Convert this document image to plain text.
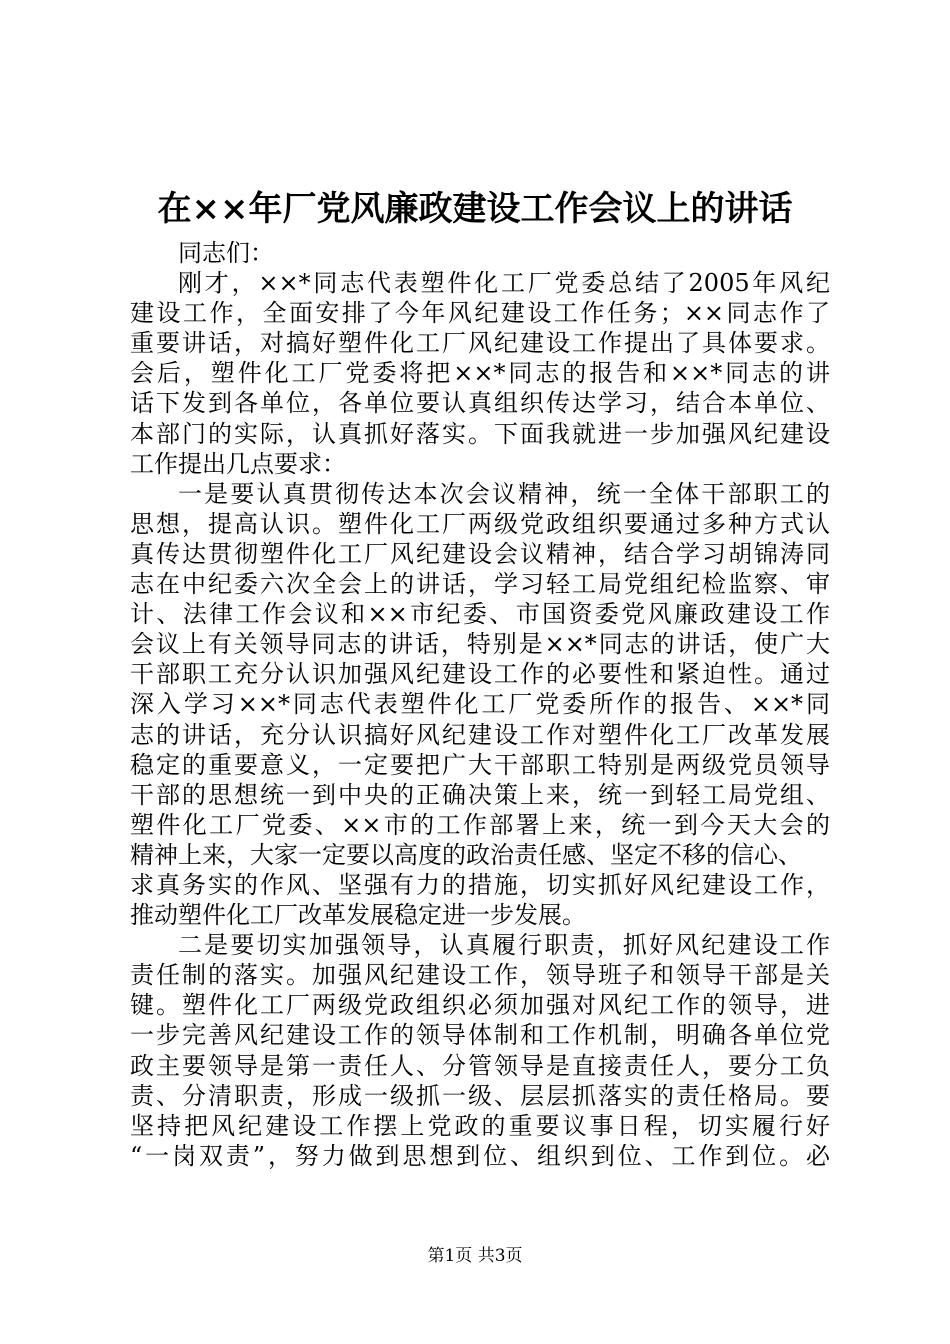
在××年厂党风廉政建设工作会议上的讲话
同志们：
刚才，××*同志代表塑件化工厂党委总结了2005年风纪
建设工作，全面安排了今年风纪建设工作任务；××同志作了
重要讲话，对搞好塑件化工厂风纪建设工作提出了具体要求。
会后，塑件化工厂党委将把××*同志的报告和××*同志的讲
话下发到各单位，各单位要认真组织传达学习，结合本单位、
本部门的实际，认真抓好落实。下面我就进一步加强风纪建设
工作提出几点要求：
一是要认真贯彻传达本次会议精神，统一全体干部职工的
思想，提高认识。塑件化工厂两级党政组织要通过多种方式认
真传达贯彻塑件化工厂风纪建设会议精神，结合学习胡锦涛同
志在中纪委六次全会上的讲话，学习轻工局党组纪检监察、审
计、法律工作会议和××市纪委、市国资委党风廉政建设工作
会议上有关领导同志的讲话，特别是××*同志的讲话，使广大
干部职工充分认识加强风纪建设工作的必要性和紧迫性。通过
深入学习××*同志代表塑件化工厂党委所作的报告、××*同
志的讲话，充分认识搞好风纪建设工作对塑件化工厂改革发展
稳定的重要意义，一定要把广大干部职工特别是两级党员领导
干部的思想统一到中央的正确决策上来，统一到轻工局党组、
塑件化工厂党委、××市的工作部署上来，统一到今天大会的
精神上来，大家一定要以高度的政治责任感、坚定不移的信心、
求真务实的作风、坚强有力的措施，切实抓好风纪建设工作，
推动塑件化工厂改革发展稳定进一步发展。
二是要切实加强领导，认真履行职责，抓好风纪建设工作
责任制的落实。加强风纪建设工作，领导班子和领导干部是关
键。塑件化工厂两级党政组织必须加强对风纪工作的领导，进
一步完善风纪建设工作的领导体制和工作机制，明确各单位党
政主要领导是第一责任人、分管领导是直接责任人，要分工负
责、分清职责，形成一级抓一级、层层抓落实的责任格局。要
坚持把风纪建设工作摆上党政的重要议事日程，切实履行好
“一岗双责”，努力做到思想到位、组织到位、工作到位。必
第1页 共3页
